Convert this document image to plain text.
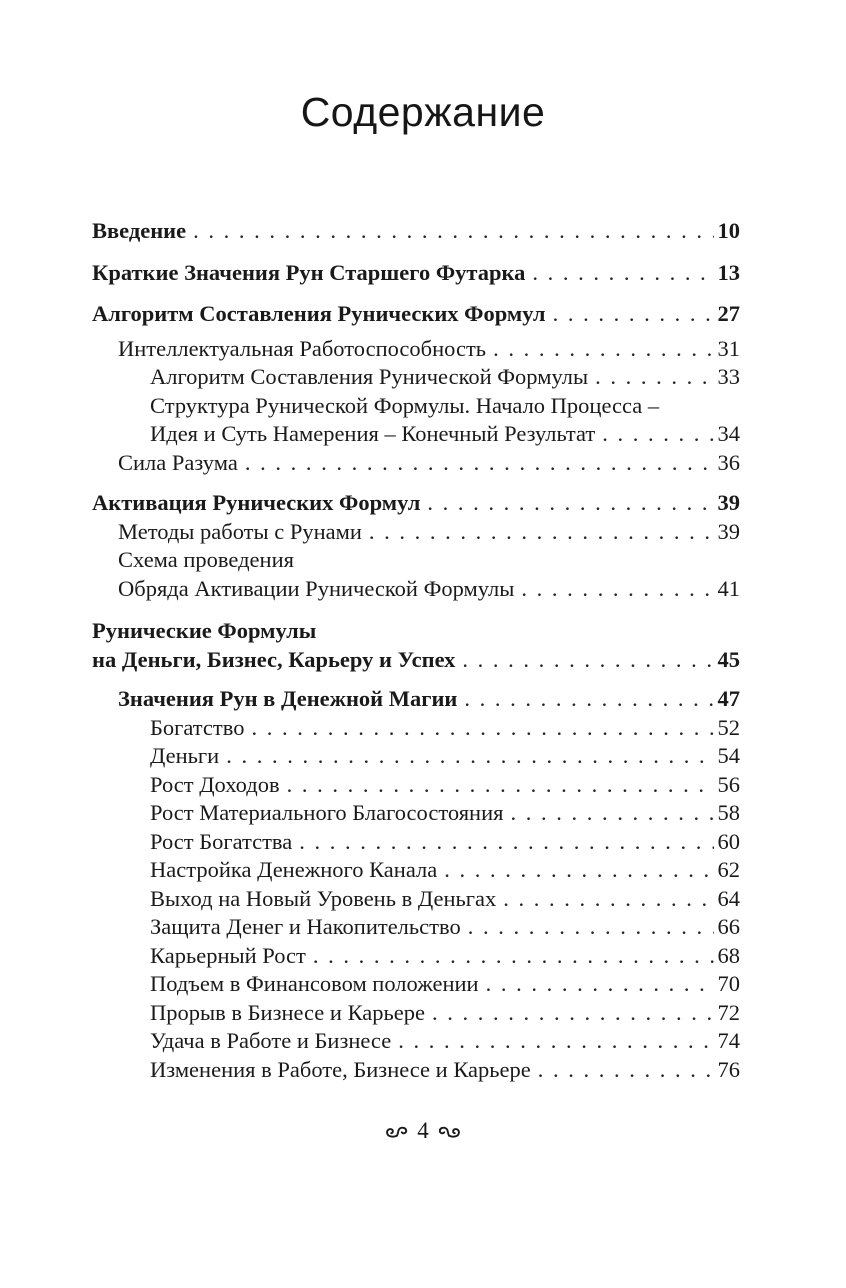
Содержание
Введение . . .	10
Краткие Значения Рун Старшего Футарка . . .	13
Алгоритм Составления Рунических Формул . . .	27
Интеллектуальная Работоспособность . . .	31
Алгоритм Составления Рунической Формулы . . .	33
Структура Рунической Формулы. Начало Процесса –
Идея и Суть Намерения – Конечный Результат . . .	34
Сила Разума . . .	36
Активация Рунических Формул . . .	39
Методы работы с Рунами . . .	39
Схема проведения
Обряда Активации Рунической Формулы . . .	41
Рунические Формулы
на Деньги, Бизнес, Карьеру и Успех . . .	45
Значения Рун в Денежной Магии . . .	47
Богатство . . .	52
Деньги . . .	54
Рост Доходов . . .	56
Рост Материального Благосостояния . . .	58
Рост Богатства . . .	60
Настройка Денежного Канала . . .	62
Выход на Новый Уровень в Деньгах . . .	64
Защита Денег и Накопительство . . .	66
Карьерный Рост . . .	68
Подъем в Финансовом положении . . .	70
Прорыв в Бизнесе и Карьере . . .	72
Удача в Работе и Бизнесе . . .	74
Изменения в Работе, Бизнесе и Карьере . . .	76
4
